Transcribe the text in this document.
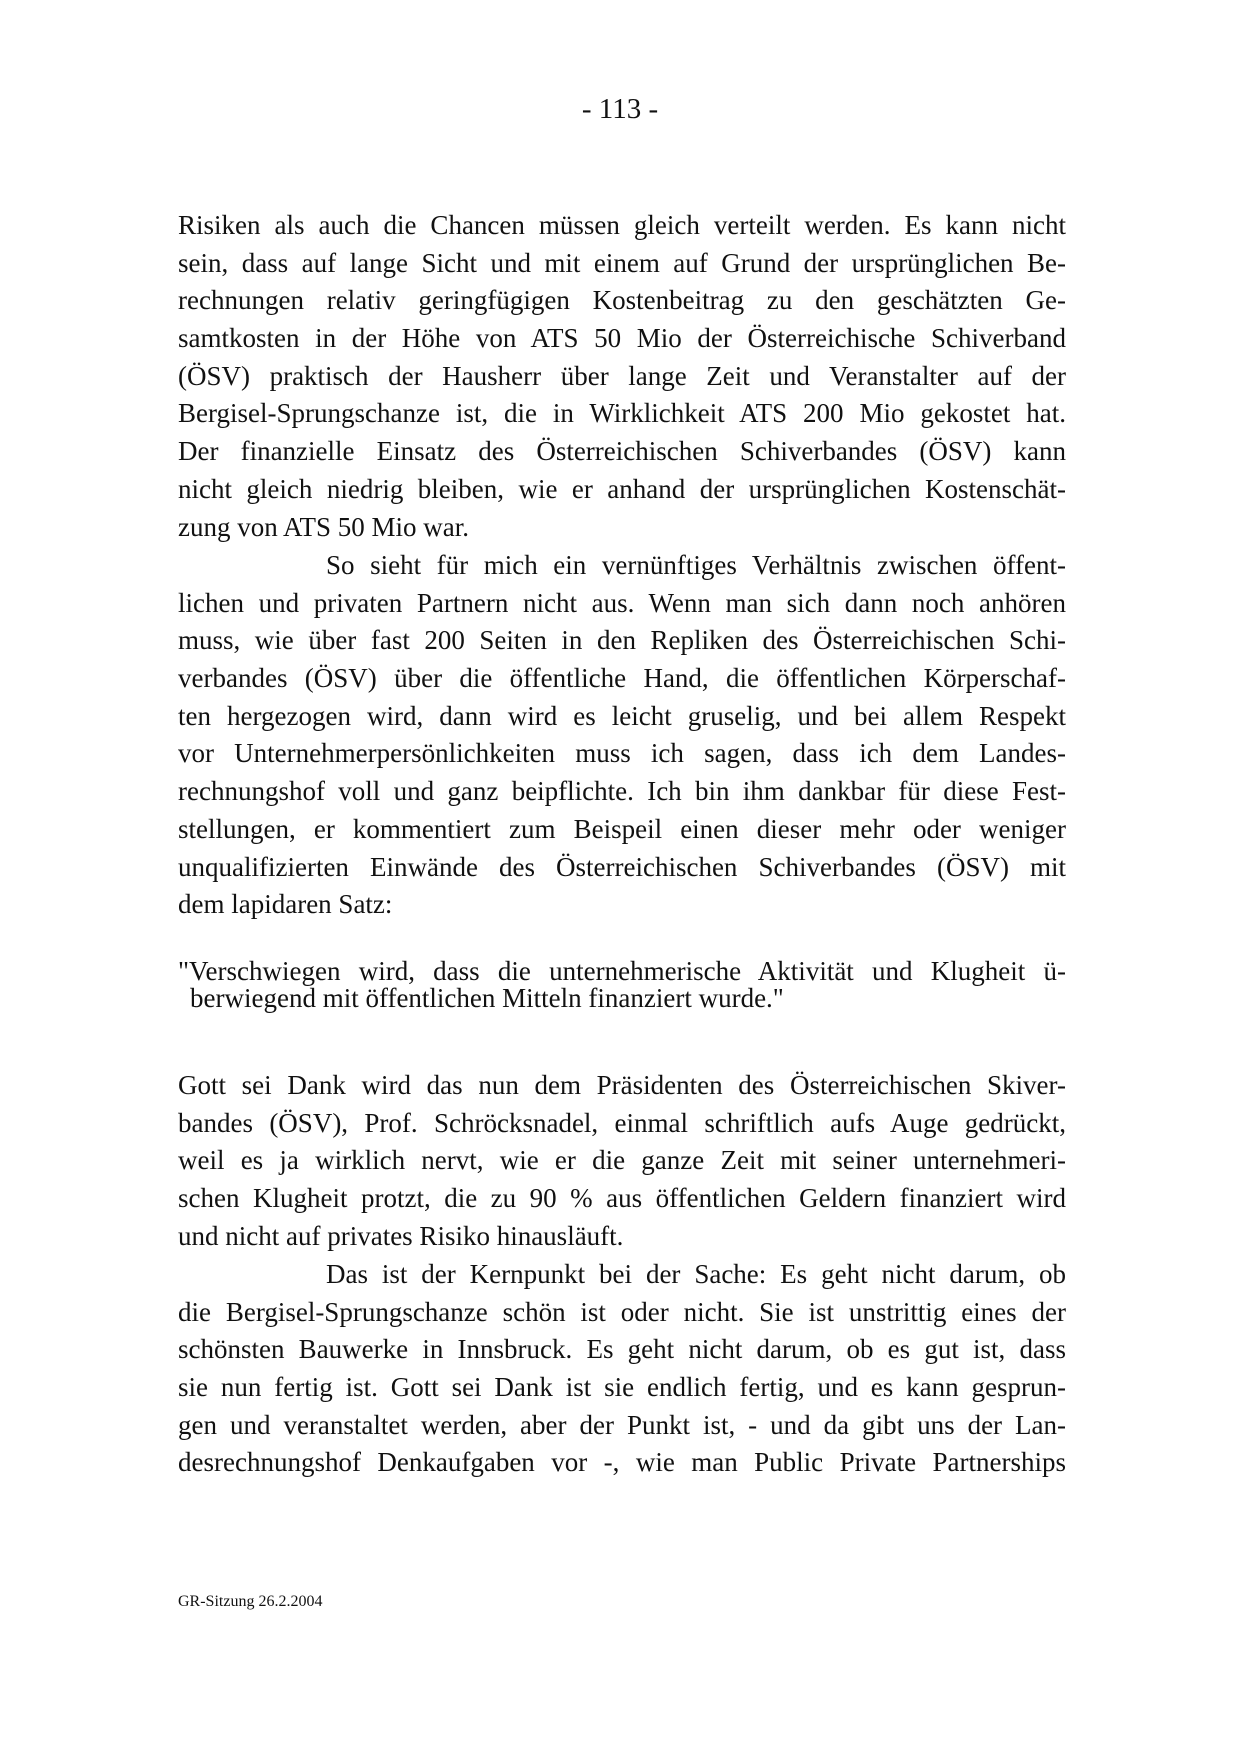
- 113 -
Risiken als auch die Chancen müssen gleich verteilt werden. Es kann nicht
sein, dass auf lange Sicht und mit einem auf Grund der ursprünglichen Be-
rechnungen relativ geringfügigen Kostenbeitrag zu den geschätzten Ge-
samtkosten in der Höhe von ATS 50 Mio der Österreichische Schiverband
(ÖSV) praktisch der Hausherr über lange Zeit und Veranstalter auf der
Bergisel-Sprungschanze ist, die in Wirklichkeit ATS 200 Mio gekostet hat.
Der finanzielle Einsatz des Österreichischen Schiverbandes (ÖSV) kann
nicht gleich niedrig bleiben, wie er anhand der ursprünglichen Kostenschät-
zung von ATS 50 Mio war.
So sieht für mich ein vernünftiges Verhältnis zwischen öffent-
lichen und privaten Partnern nicht aus. Wenn man sich dann noch anhören
muss, wie über fast 200 Seiten in den Repliken des Österreichischen Schi-
verbandes (ÖSV) über die öffentliche Hand, die öffentlichen Körperschaf-
ten hergezogen wird, dann wird es leicht gruselig, und bei allem Respekt
vor Unternehmerpersönlichkeiten muss ich sagen, dass ich dem Landes-
rechnungshof voll und ganz beipflichte. Ich bin ihm dankbar für diese Fest-
stellungen, er kommentiert zum Beispeil einen dieser mehr oder weniger
unqualifizierten Einwände des Österreichischen Schiverbandes (ÖSV) mit
dem lapidaren Satz:
"Verschwiegen wird, dass die unternehmerische Aktivität und Klugheit ü-
berwiegend mit öffentlichen Mitteln finanziert wurde."
Gott sei Dank wird das nun dem Präsidenten des Österreichischen Skiver-
bandes (ÖSV), Prof. Schröcksnadel, einmal schriftlich aufs Auge gedrückt,
weil es ja wirklich nervt, wie er die ganze Zeit mit seiner unternehmeri-
schen Klugheit protzt, die zu 90 % aus öffentlichen Geldern finanziert wird
und nicht auf privates Risiko hinausläuft.
Das ist der Kernpunkt bei der Sache: Es geht nicht darum, ob
die Bergisel-Sprungschanze schön ist oder nicht. Sie ist unstrittig eines der
schönsten Bauwerke in Innsbruck. Es geht nicht darum, ob es gut ist, dass
sie nun fertig ist. Gott sei Dank ist sie endlich fertig, und es kann gesprun-
gen und veranstaltet werden, aber der Punkt ist, - und da gibt uns der Lan-
desrechnungshof Denkaufgaben vor -, wie man Public Private Partnerships
GR-Sitzung 26.2.2004
